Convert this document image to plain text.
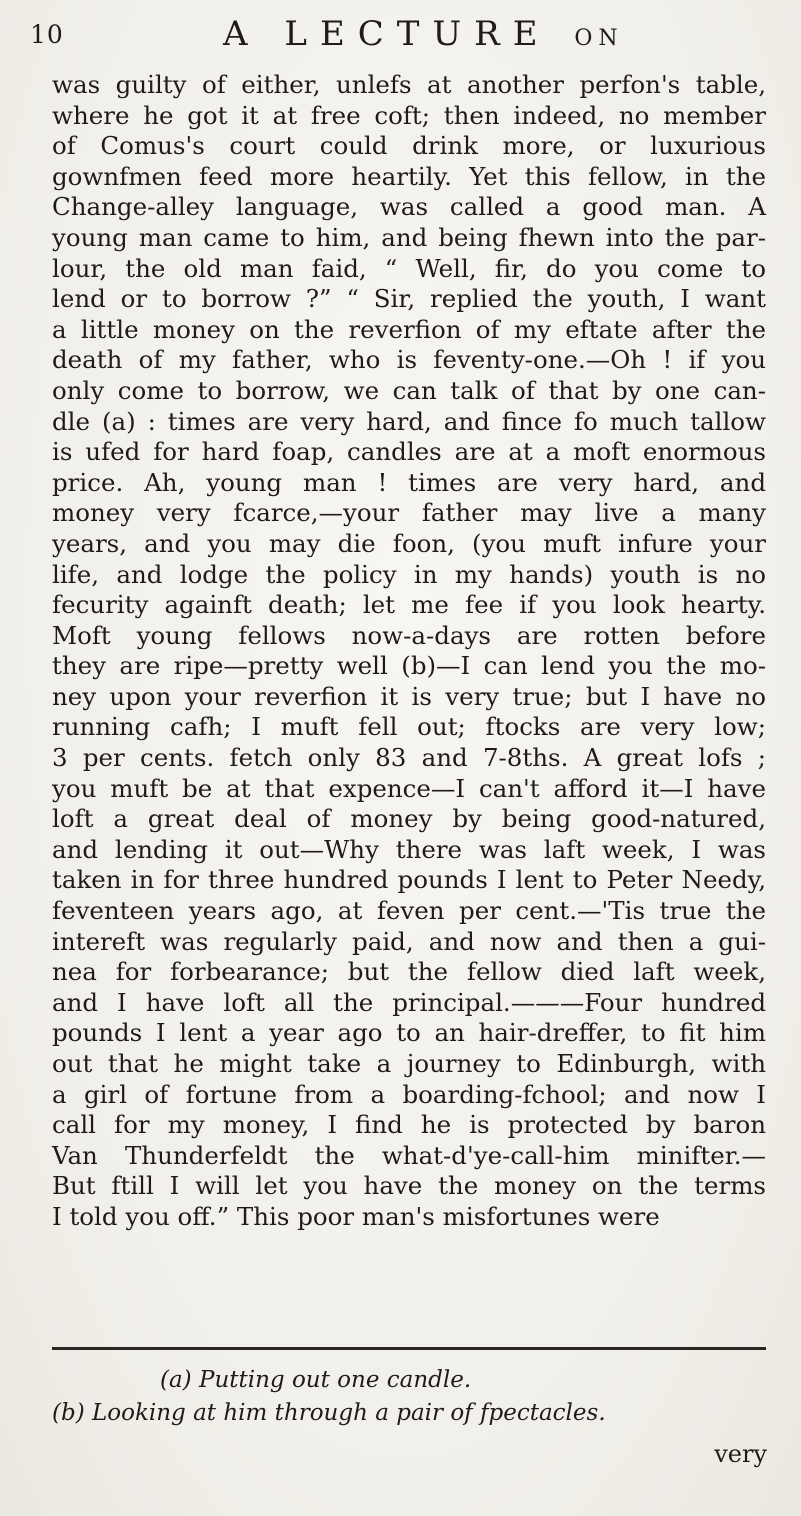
10	A LECTURE ON
was guilty of either, unlefs at another perfon's table,
where he got it at free coft; then indeed, no member
of Comus's court could drink more, or luxurious
gownfmen feed more heartily. Yet this fellow, in the
Change-alley language, was called a good man. A
young man came to him, and being fhewn into the par-
lour, the old man faid, “ Well, fir, do you come to
lend or to borrow ?” “ Sir, replied the youth, I want
a little money on the reverfion of my eftate after the
death of my father, who is feventy-one.—Oh ! if you
only come to borrow, we can talk of that by one can-
dle (a) : times are very hard, and fince fo much tallow
is ufed for hard foap, candles are at a moft enormous
price. Ah, young man ! times are very hard, and
money very fcarce,—your father may live a many
years, and you may die foon, (you muft infure your
life, and lodge the policy in my hands) youth is no
fecurity againft death; let me fee if you look hearty.
Moft young fellows now-a-days are rotten before
they are ripe—pretty well (b)—I can lend you the mo-
ney upon your reverfion it is very true; but I have no
running cafh; I muft fell out; ftocks are very low;
3 per cents. fetch only 83 and 7-8ths. A great lofs ;
you muft be at that expence—I can't afford it—I have
loft a great deal of money by being good-natured,
and lending it out—Why there was laft week, I was
taken in for three hundred pounds I lent to Peter Needy,
feventeen years ago, at feven per cent.—'Tis true the
intereft was regularly paid, and now and then a gui-
nea for forbearance; but the fellow died laft week,
and I have loft all the principal.———Four hundred
pounds I lent a year ago to an hair-dreffer, to fit him
out that he might take a journey to Edinburgh, with
a girl of fortune from a boarding-fchool; and now I
call for my money, I find he is protected by baron
Van Thunderfeldt the what-d'ye-call-him minifter.—
But ftill I will let you have the money on the terms
I told you off.” This poor man's misfortunes were
(a) Putting out one candle.
(b) Looking at him through a pair of fpectacles.
very
